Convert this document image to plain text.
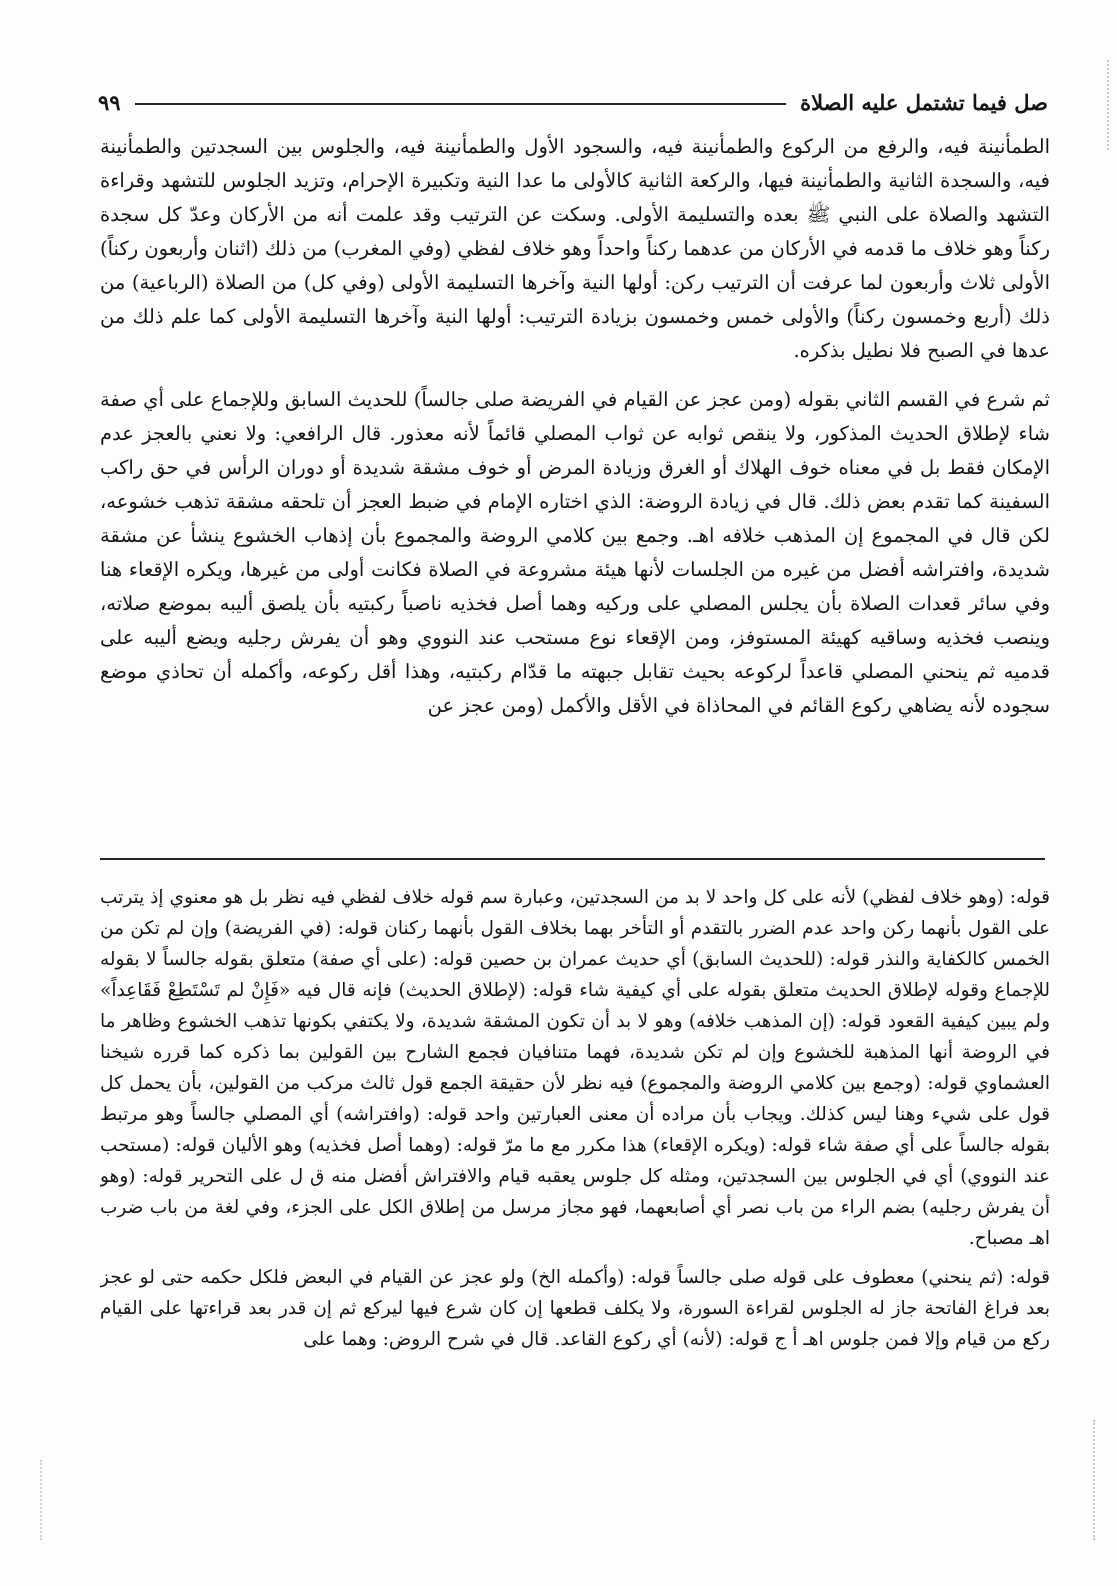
صل فيما تشتمل عليه الصلاة
٩٩

الطمأنينة فيه، والرفع من الركوع والطمأنينة فيه، والسجود الأول والطمأنينة فيه، والجلوس بين السجدتين والطمأنينة فيه، والسجدة الثانية والطمأنينة فيها، والركعة الثانية كالأولى ما عدا النية وتكبيرة الإحرام، وتزيد الجلوس للتشهد وقراءة التشهد والصلاة على النبي ﷺ بعده والتسليمة الأولى. وسكت عن الترتيب وقد علمت أنه من الأركان وعدّ كل سجدة ركناً وهو خلاف ما قدمه في الأركان من عدهما ركناً واحداً وهو خلاف لفظي (وفي المغرب) من ذلك (اثنان وأربعون ركناً) الأولى ثلاث وأربعون لما عرفت أن الترتيب ركن: أولها النية وآخرها التسليمة الأولى (وفي كل) من الصلاة (الرباعية) من ذلك (أربع وخمسون ركناً) والأولى خمس وخمسون بزيادة الترتيب: أولها النية وآخرها التسليمة الأولى كما علم ذلك من عدها في الصبح فلا نطيل بذكره.

ثم شرع في القسم الثاني بقوله (ومن عجز عن القيام في الفريضة صلى جالساً) للحديث السابق وللإجماع على أي صفة شاء لإطلاق الحديث المذكور، ولا ينقص ثوابه عن ثواب المصلي قائماً لأنه معذور. قال الرافعي: ولا نعني بالعجز عدم الإمكان فقط بل في معناه خوف الهلاك أو الغرق وزيادة المرض أو خوف مشقة شديدة أو دوران الرأس في حق راكب السفينة كما تقدم بعض ذلك. قال في زيادة الروضة: الذي اختاره الإمام في ضبط العجز أن تلحقه مشقة تذهب خشوعه، لكن قال في المجموع إن المذهب خلافه اهـ. وجمع بين كلامي الروضة والمجموع بأن إذهاب الخشوع ينشأ عن مشقة شديدة، وافتراشه أفضل من غيره من الجلسات لأنها هيئة مشروعة في الصلاة فكانت أولى من غيرها، ويكره الإقعاء هنا وفي سائر قعدات الصلاة بأن يجلس المصلي على وركيه وهما أصل فخذيه ناصباً ركبتيه بأن يلصق أليبه بموضع صلاته، وينصب فخذيه وساقيه كهيئة المستوفز، ومن الإقعاء نوع مستحب عند النووي وهو أن يفرش رجليه ويضع أليبه على قدميه ثم ينحني المصلي قاعداً لركوعه بحيث تقابل جبهته ما قدّام ركبتيه، وهذا أقل ركوعه، وأكمله أن تحاذي موضع سجوده لأنه يضاهي ركوع القائم في المحاذاة في الأقل والأكمل (ومن عجز عن

قوله: (وهو خلاف لفظي) لأنه على كل واحد لا بد من السجدتين، وعبارة سم قوله خلاف لفظي فيه نظر بل هو معنوي إذ يترتب على القول بأنهما ركن واحد عدم الضرر بالتقدم أو التأخر بهما بخلاف القول بأنهما ركنان قوله: (في الفريضة) وإن لم تكن من الخمس كالكفاية والنذر قوله: (للحديث السابق) أي حديث عمران بن حصين قوله: (على أي صفة) متعلق بقوله جالساً لا بقوله للإجماع وقوله لإطلاق الحديث متعلق بقوله على أي كيفية شاء قوله: (لإطلاق الحديث) فإنه قال فيه «فَإِنْ لم تَسْتَطِعْ فَقَاعِداً» ولم يبين كيفية القعود قوله: (إن المذهب خلافه) وهو لا بد أن تكون المشقة شديدة، ولا يكتفي بكونها تذهب الخشوع وظاهر ما في الروضة أنها المذهبة للخشوع وإن لم تكن شديدة، فهما متنافيان فجمع الشارح بين القولين بما ذكره كما قرره شيخنا العشماوي قوله: (وجمع بين كلامي الروضة والمجموع) فيه نظر لأن حقيقة الجمع قول ثالث مركب من القولين، بأن يحمل كل قول على شيء وهنا ليس كذلك. ويجاب بأن مراده أن معنى العبارتين واحد قوله: (وافتراشه) أي المصلي جالساً وهو مرتبط بقوله جالساً على أي صفة شاء قوله: (ويكره الإقعاء) هذا مكرر مع ما مرّ قوله: (وهما أصل فخذيه) وهو الأليان قوله: (مستحب عند النووي) أي في الجلوس بين السجدتين، ومثله كل جلوس يعقبه قيام والافتراش أفضل منه ق ل على التحرير قوله: (وهو أن يفرش رجليه) بضم الراء من باب نصر أي أصابعهما، فهو مجاز مرسل من إطلاق الكل على الجزء، وفي لغة من باب ضرب اهـ مصباح.

قوله: (ثم ينحني) معطوف على قوله صلى جالساً قوله: (وأكمله الخ) ولو عجز عن القيام في البعض فلكل حكمه حتى لو عجز بعد فراغ الفاتحة جاز له الجلوس لقراءة السورة، ولا يكلف قطعها إن كان شرع فيها ليركع ثم إن قدر بعد قراءتها على القيام ركع من قيام وإلا فمن جلوس اهـ أ ج قوله: (لأنه) أي ركوع القاعد. قال في شرح الروض: وهما على
